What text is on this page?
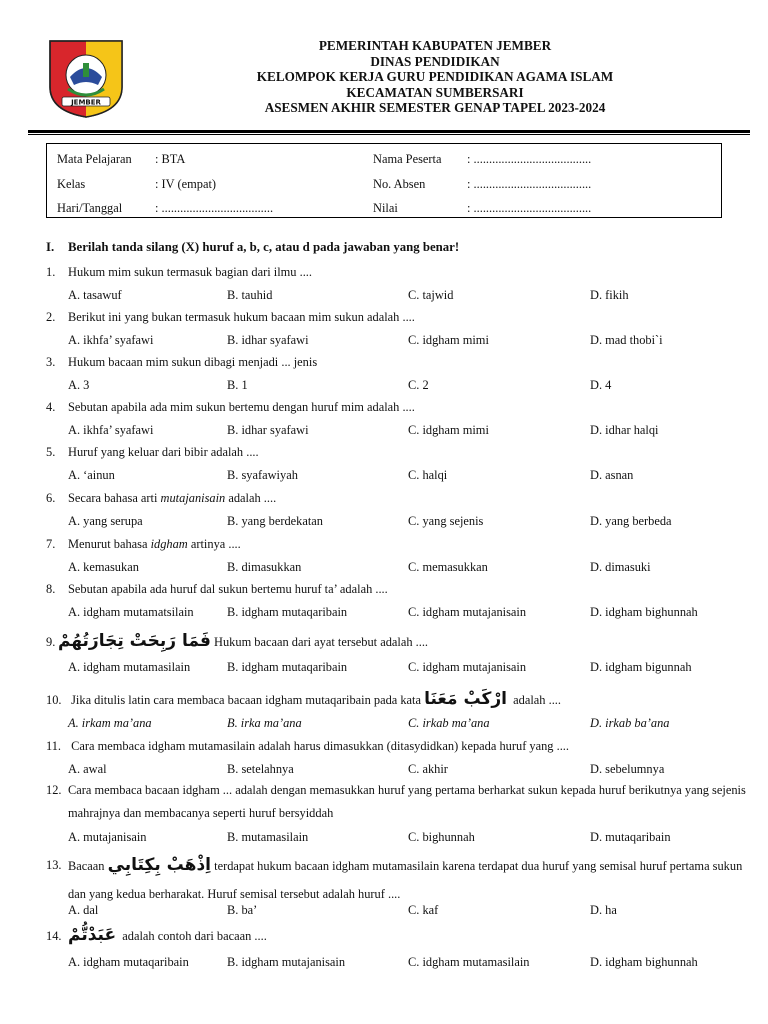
JEMBER
PEMERINTAH KABUPATEN JEMBER
DINAS PENDIDIKAN
KELOMPOK KERJA GURU PENDIDIKAN AGAMA ISLAM
KECAMATAN SUMBERSARI
ASESMEN AKHIR SEMESTER GENAP TAPEL 2023-2024
Mata Pelajaran : BTA	Nama Peserta : ......................................
Kelas	: IV (empat)	No. Absen	: ......................................
Hari/Tanggal	: ....................................	Nilai	: ......................................
I. Berilah tanda silang (X) huruf a, b, c, atau d pada jawaban yang benar!
1. Hukum mim sukun termasuk bagian dari ilmu ....
A. tasawuf	B. tauhid	C. tajwid	D. fikih
2. Berikut ini yang bukan termasuk hukum bacaan mim sukun adalah ....
A. ikhfa’ syafawi	B. idhar syafawi	C. idgham mimi	D. mad thobi`i
3. Hukum bacaan mim sukun dibagi menjadi ... jenis
A. 3	B. 1	C. 2	D. 4
4. Sebutan apabila ada mim sukun bertemu dengan huruf mim adalah ....
A. ikhfa’ syafawi	B. idhar syafawi	C. idgham mimi	D. idhar halqi
5. Huruf yang keluar dari bibir adalah ....
A. ‘ainun	B. syafawiyah	C. halqi	D. asnan
6. Secara bahasa arti mutajanisain adalah ....
A. yang serupa	B. yang berdekatan	C. yang sejenis	D. yang berbeda
7. Menurut bahasa idgham artinya ....
A. kemasukan	B. dimasukkan	C. memasukkan	D. dimasuki
8. Sebutan apabila ada huruf dal sukun bertemu huruf ta’ adalah ....
A. idgham mutamatsilain	B. idgham mutaqaribain	C. idgham mutajanisain	D. idgham bighunnah
9. فَمَا رَبِحَتْ تِجَارَتُهُمْ Hukum bacaan dari ayat tersebut adalah ....
A. idgham mutamasilain	B. idgham mutaqaribain	C. idgham mutajanisain	D. idgham bigunnah
10. Jika ditulis latin cara membaca bacaan idgham mutaqaribain pada kata ارْكَبْ مَعَنَا adalah ....
A. irkam ma’ana	B. irka ma’ana	C. irkab ma’ana	D. irkab ba’ana
11. Cara membaca idgham mutamasilain adalah harus dimasukkan (ditasydidkan) kepada huruf yang ....
A. awal	B. setelahnya	C. akhir	D. sebelumnya
12. Cara membaca bacaan idgham ... adalah dengan memasukkan huruf yang pertama berharkat sukun kepada huruf berikutnya yang sejenis mahrajnya dan membacanya seperti huruf bersyiddah
A. mutajanisain	B. mutamasilain	C. bighunnah	D. mutaqaribain
13. Bacaan اِذْهَبْ بِكِتَابِي terdapat hukum bacaan idgham mutamasilain karena terdapat dua huruf yang semisal huruf pertama sukun dan yang kedua berharakat. Huruf semisal tersebut adalah huruf ....
A. dal	B. ba’	C. kaf	D. ha
14. عَبَدْتُّمْ adalah contoh dari bacaan ....
A. idgham mutaqaribain	B. idgham mutajanisain	C. idgham mutamasilain	D. idgham bighunnah
